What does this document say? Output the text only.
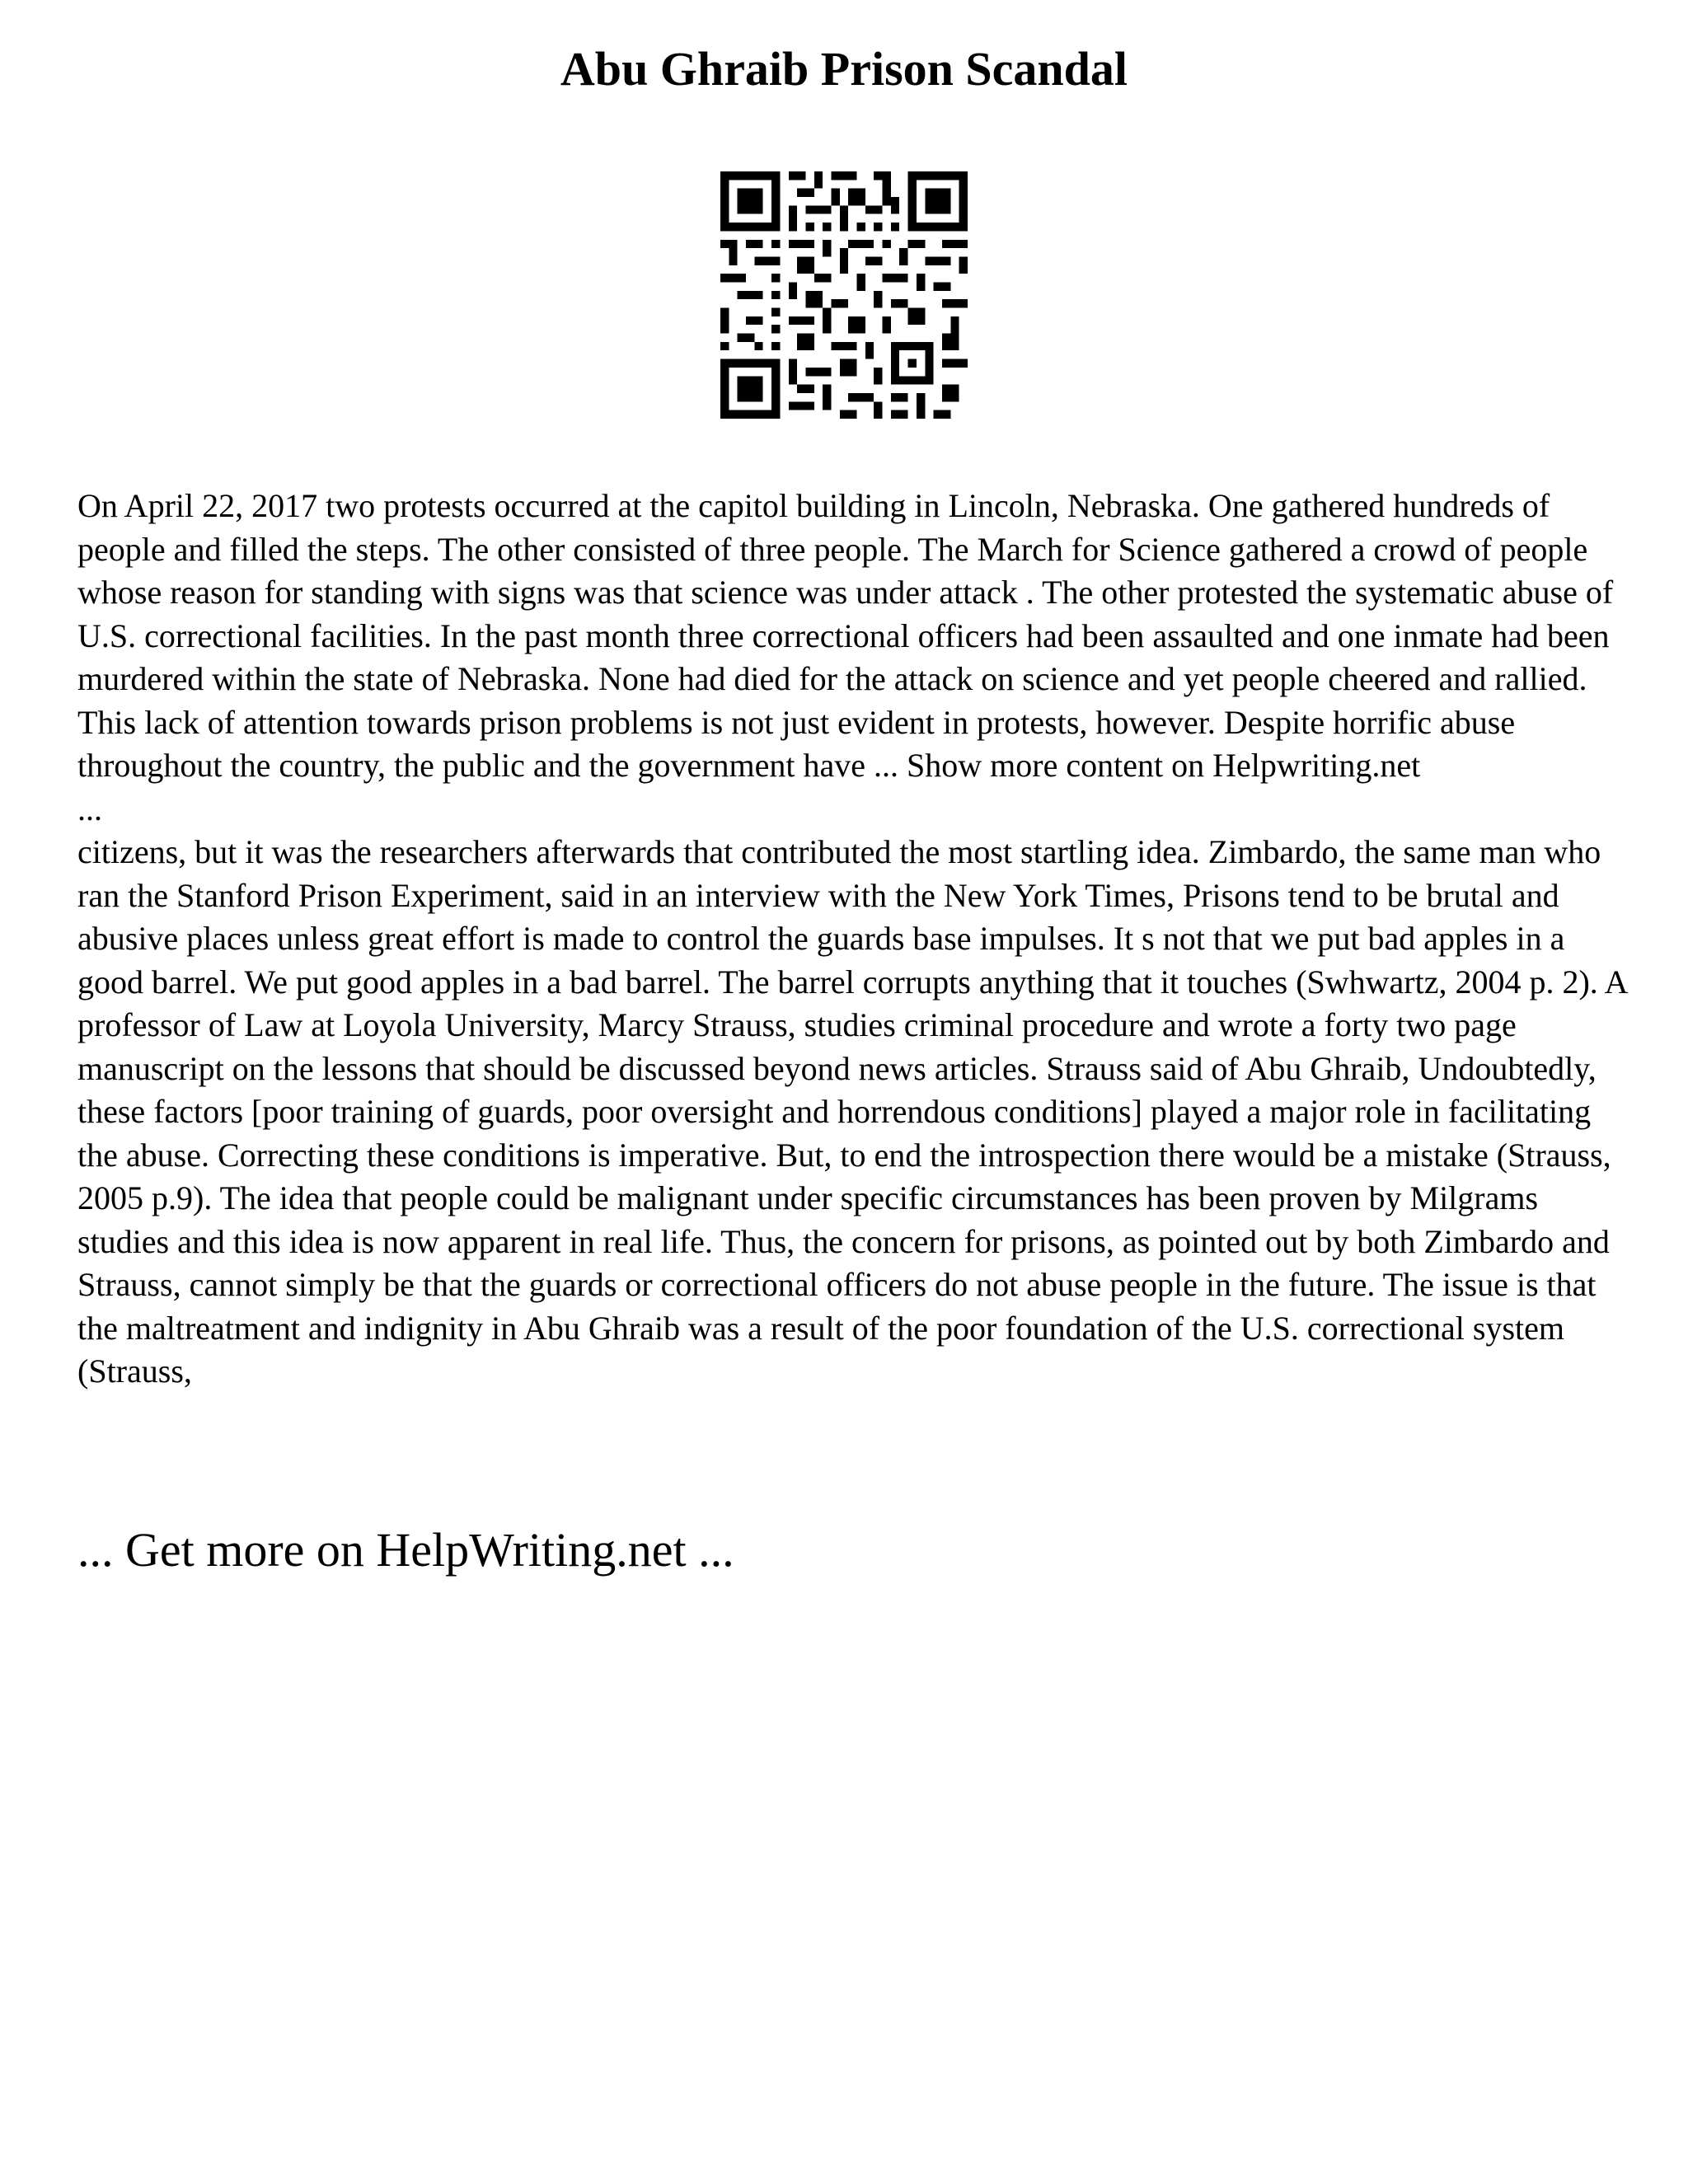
Abu Ghraib Prison Scandal

On April 22, 2017 two protests occurred at the capitol building in Lincoln, Nebraska. One gathered hundreds of people and filled the steps. The other consisted of three people. The March for Science gathered a crowd of people whose reason for standing with signs was that science was under attack . The other protested the systematic abuse of U.S. correctional facilities. In the past month three correctional officers had been assaulted and one inmate had been murdered within the state of Nebraska. None had died for the attack on science and yet people cheered and rallied. This lack of attention towards prison problems is not just evident in protests, however. Despite horrific abuse throughout the country, the public and the government have ... Show more content on Helpwriting.net

...

citizens, but it was the researchers afterwards that contributed the most startling idea. Zimbardo, the same man who ran the Stanford Prison Experiment, said in an interview with the New York Times, Prisons tend to be brutal and abusive places unless great effort is made to control the guards base impulses. It s not that we put bad apples in a good barrel. We put good apples in a bad barrel. The barrel corrupts anything that it touches (Swhwartz, 2004 p. 2). A professor of Law at Loyola University, Marcy Strauss, studies criminal procedure and wrote a forty two page manuscript on the lessons that should be discussed beyond news articles. Strauss said of Abu Ghraib, Undoubtedly, these factors [poor training of guards, poor oversight and horrendous conditions] played a major role in facilitating the abuse. Correcting these conditions is imperative. But, to end the introspection there would be a mistake (Strauss, 2005 p.9). The idea that people could be malignant under specific circumstances has been proven by Milgrams studies and this idea is now apparent in real life. Thus, the concern for prisons, as pointed out by both Zimbardo and Strauss, cannot simply be that the guards or correctional officers do not abuse people in the future. The issue is that the maltreatment and indignity in Abu Ghraib was a result of the poor foundation of the U.S. correctional system (Strauss,

... Get more on HelpWriting.net ...
